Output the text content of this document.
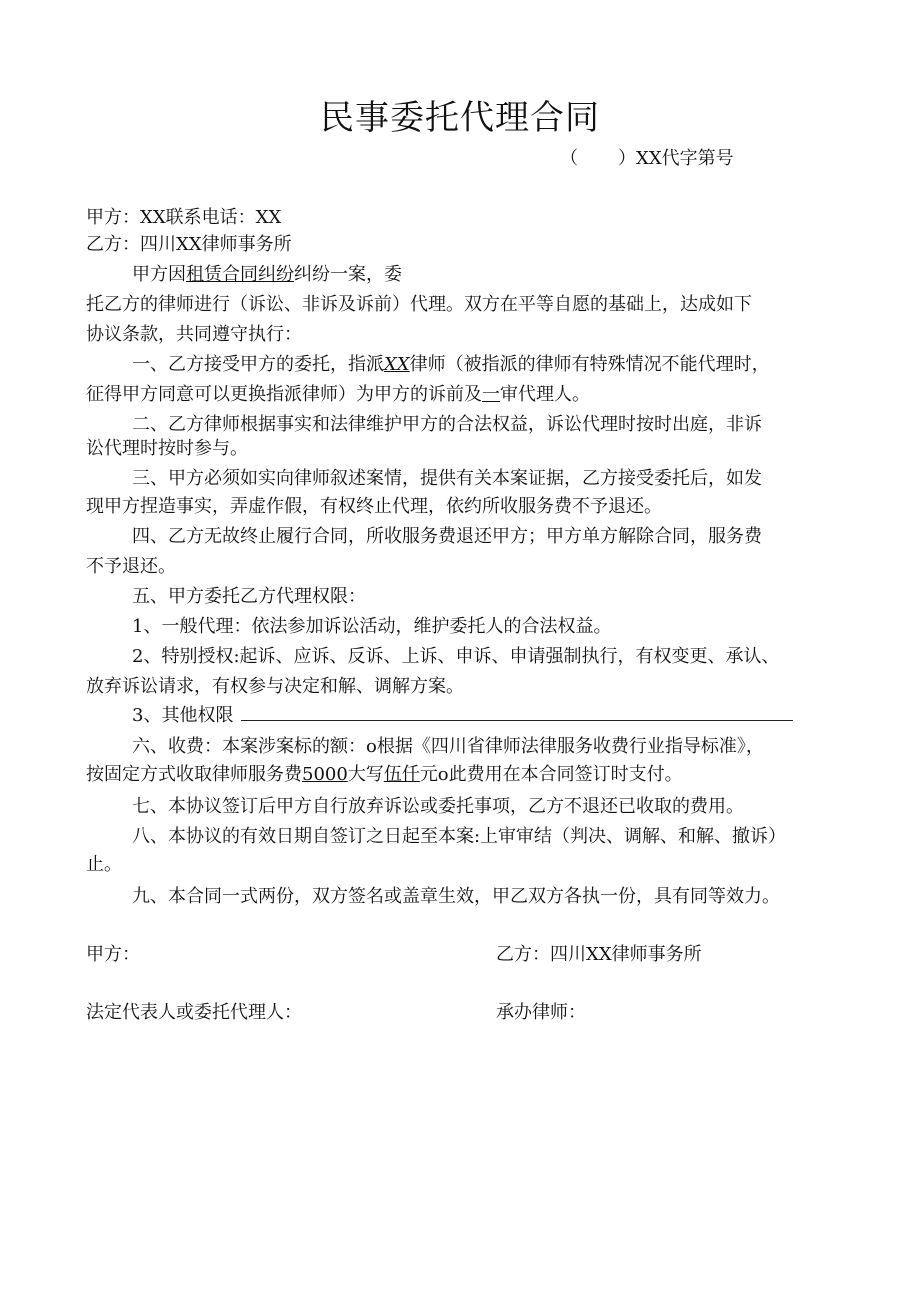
民事委托代理合同
（ ）XX代字第号
甲方：XX联系电话：XX
乙方：四川XX律师事务所
甲方因租赁合同纠纷纠纷一案，委
托乙方的律师进行（诉讼、非诉及诉前）代理。双方在平等自愿的基础上，达成如下
协议条款，共同遵守执行：
一、乙方接受甲方的委托，指派XX律师（被指派的律师有特殊情况不能代理时，
征得甲方同意可以更换指派律师）为甲方的诉前及一审代理人。
二、乙方律师根据事实和法律维护甲方的合法权益，诉讼代理时按时出庭，非诉
讼代理时按时参与。
三、甲方必须如实向律师叙述案情，提供有关本案证据，乙方接受委托后，如发
现甲方捏造事实，弄虚作假，有权终止代理，依约所收服务费不予退还。
四、乙方无故终止履行合同，所收服务费退还甲方；甲方单方解除合同，服务费
不予退还。
五、甲方委托乙方代理权限：
1、一般代理：依法参加诉讼活动，维护委托人的合法权益。
2、特别授权:起诉、应诉、反诉、上诉、申诉、申请强制执行，有权变更、承认、
放弃诉讼请求，有权参与决定和解、调解方案。
3、其他权限
六、收费：本案涉案标的额：o根据《四川省律师法律服务收费行业指导标准》，
按固定方式收取律师服务费5000大写伍仟元o此费用在本合同签订时支付。
七、本协议签订后甲方自行放弃诉讼或委托事项，乙方不退还已收取的费用。
八、本协议的有效日期自签订之日起至本案:上审审结（判决、调解、和解、撤诉）
止。
九、本合同一式两份，双方签名或盖章生效，甲乙双方各执一份，具有同等效力。
甲方：	乙方：四川XX律师事务所
法定代表人或委托代理人：	承办律师：
